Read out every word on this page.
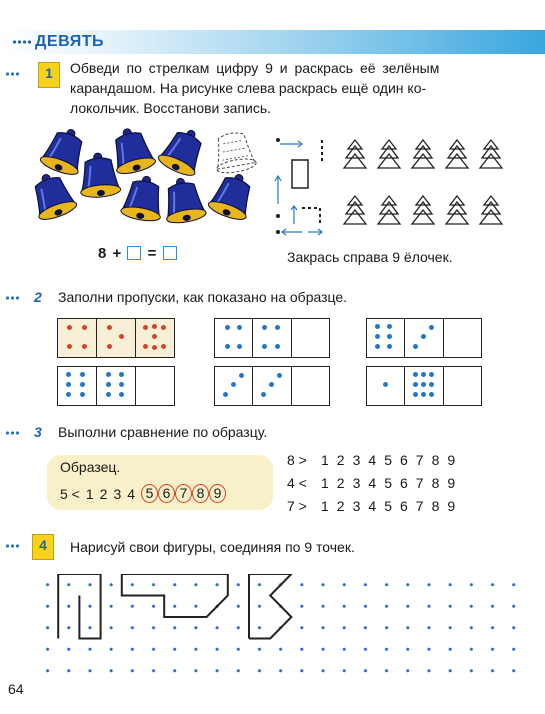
ДЕВЯТЬ
1	Обведи по стрелкам цифру 9 и раскрась её зелёным
карандашом. На рисунке слева раскрась ещё один ко-
локольчик. Восстанови запись.
8 + =	Закрась справа 9 ёлочек.
2 Заполни пропуски, как показано на образце.
3 Выполни сравнение по образцу.
Образец.
5 < 1 2 3 4 5 6 7 8 9
8 >	1 2 3 4 5 6 7 8 9
4 <	1 2 3 4 5 6 7 8 9
7 >	1 2 3 4 5 6 7 8 9
4	Нарисуй свои фигуры, соединяя по 9 точек.
64
